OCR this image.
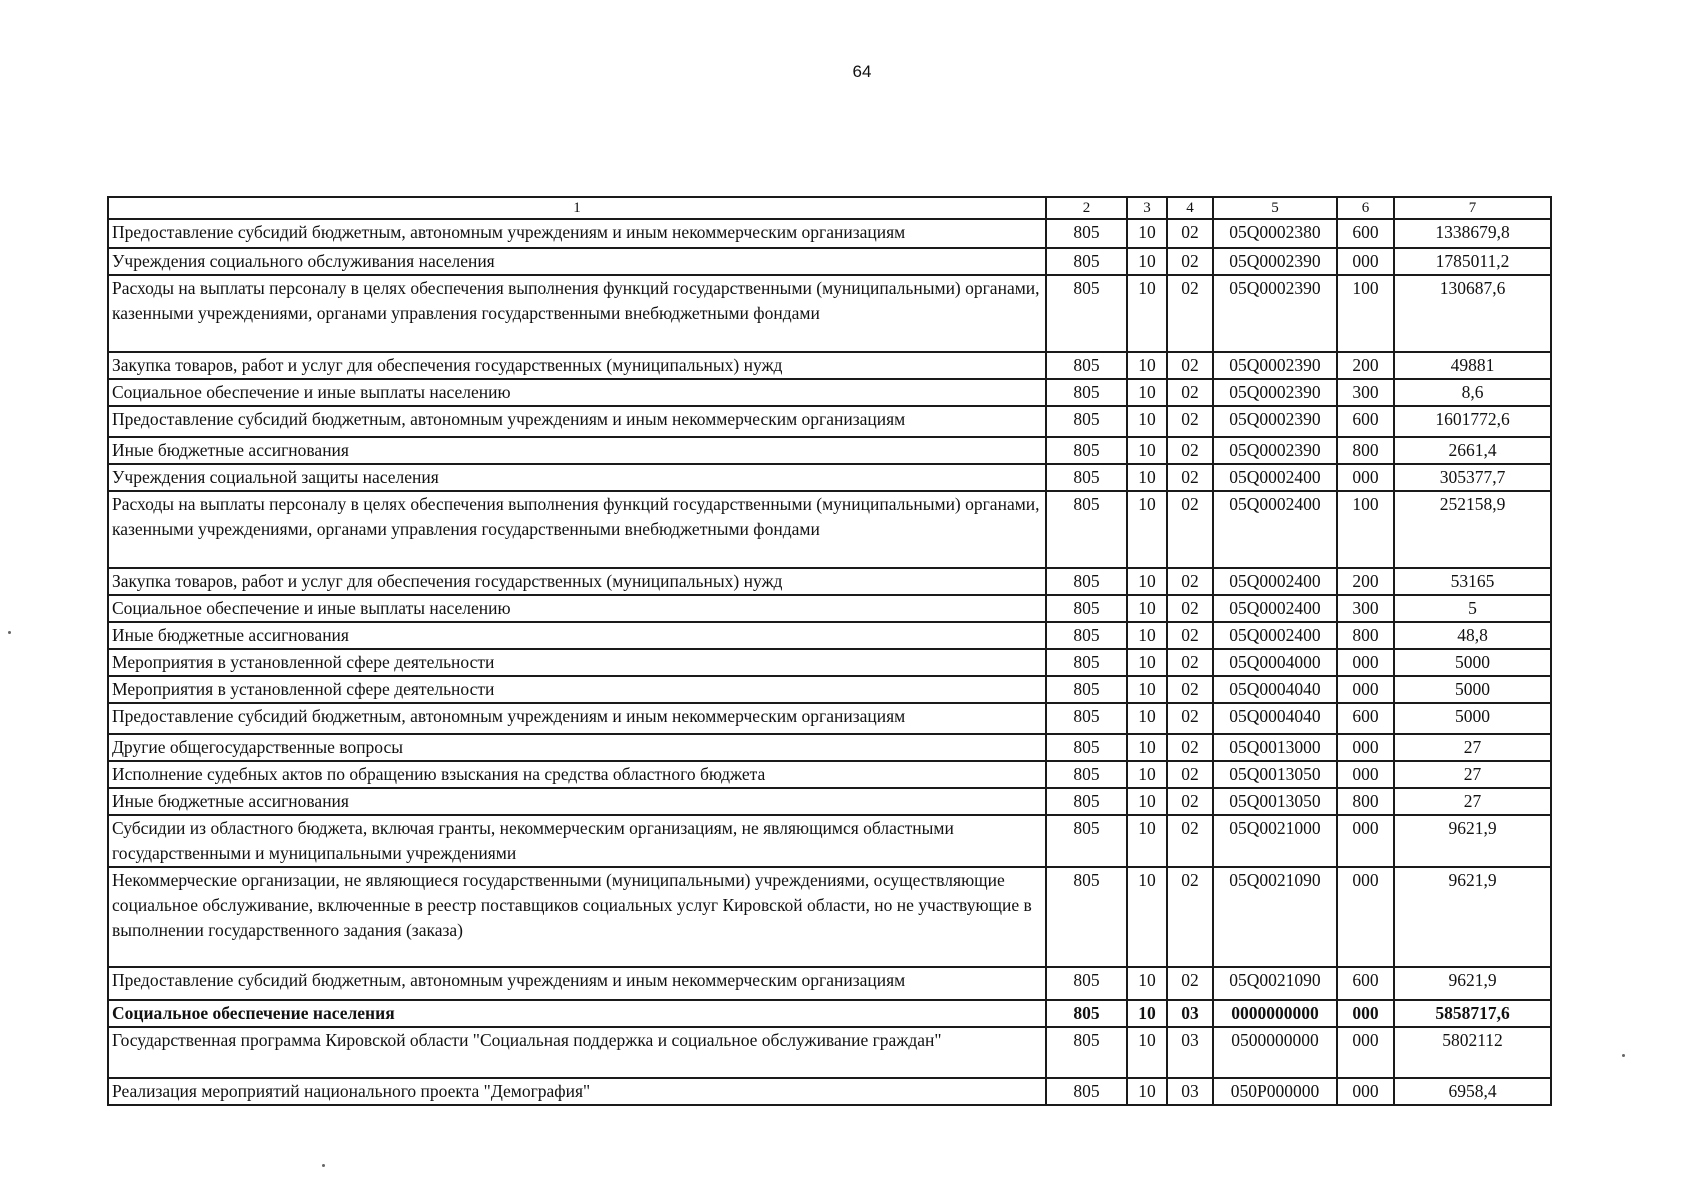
64
1	2	3	4	5	6	7
Предоставление субсидий бюджетным, автономным учреждениям и иным некоммерческим организациям	805	10	02	05Q0002380	600	1338679,8
Учреждения социального обслуживания населения	805	10	02	05Q0002390	000	1785011,2
Расходы на выплаты персоналу в целях обеспечения выполнения функций государственными (муниципальными) органами, казенными учреждениями, органами управления государственными внебюджетными фондами	805	10	02	05Q0002390	100	130687,6
Закупка товаров, работ и услуг для обеспечения государственных (муниципальных) нужд	805	10	02	05Q0002390	200	49881
Социальное обеспечение и иные выплаты населению	805	10	02	05Q0002390	300	8,6
Предоставление субсидий бюджетным, автономным учреждениям и иным некоммерческим организациям	805	10	02	05Q0002390	600	1601772,6
Иные бюджетные ассигнования	805	10	02	05Q0002390	800	2661,4
Учреждения социальной защиты населения	805	10	02	05Q0002400	000	305377,7
Расходы на выплаты персоналу в целях обеспечения выполнения функций государственными (муниципальными) органами, казенными учреждениями, органами управления государственными внебюджетными фондами	805	10	02	05Q0002400	100	252158,9
Закупка товаров, работ и услуг для обеспечения государственных (муниципальных) нужд	805	10	02	05Q0002400	200	53165
Социальное обеспечение и иные выплаты населению	805	10	02	05Q0002400	300	5
Иные бюджетные ассигнования	805	10	02	05Q0002400	800	48,8
Мероприятия в установленной сфере деятельности	805	10	02	05Q0004000	000	5000
Мероприятия в установленной сфере деятельности	805	10	02	05Q0004040	000	5000
Предоставление субсидий бюджетным, автономным учреждениям и иным некоммерческим организациям	805	10	02	05Q0004040	600	5000
Другие общегосударственные вопросы	805	10	02	05Q0013000	000	27
Исполнение судебных актов по обращению взыскания на средства областного бюджета	805	10	02	05Q0013050	000	27
Иные бюджетные ассигнования	805	10	02	05Q0013050	800	27
Субсидии из областного бюджета, включая гранты, некоммерческим организациям, не являющимся областными государственными и муниципальными учреждениями	805	10	02	05Q0021000	000	9621,9
Некоммерческие организации, не являющиеся государственными (муниципальными) учреждениями, осуществляющие социальное обслуживание, включенные в реестр поставщиков социальных услуг Кировской области, но не участвующие в выполнении государственного задания (заказа)	805	10	02	05Q0021090	000	9621,9
Предоставление субсидий бюджетным, автономным учреждениям и иным некоммерческим организациям	805	10	02	05Q0021090	600	9621,9
Социальное обеспечение населения	805	10	03	0000000000	000	5858717,6
Государственная программа Кировской области "Социальная поддержка и социальное обслуживание граждан"	805	10	03	0500000000	000	5802112
Реализация мероприятий национального проекта "Демография"	805	10	03	050P000000	000	6958,4
